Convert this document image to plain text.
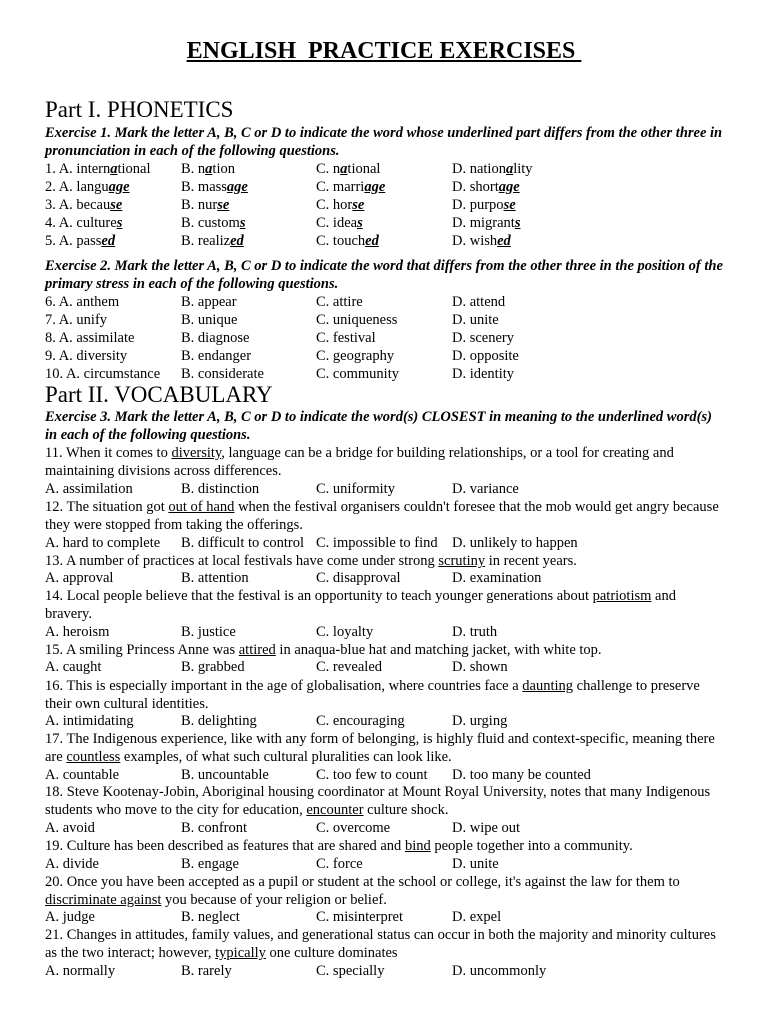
ENGLISH  PRACTICE EXERCISES
Part I. PHONETICS
Exercise 1. Mark the letter A, B, C or D to indicate the word whose underlined part differs from the other three in pronunciation in each of the following questions.
1. A. international B. nation	C. national	D. nationality
2. A. language	B. massage	C. marriage	D. shortage
3. A. because	B. nurse	C. horse	D. purpose
4. A. cultures	B. customs	C. ideas	D. migrants
5. A. passed	B. realized	C. touched	D. wished
Exercise 2. Mark the letter A, B, C or D to indicate the word that differs from the other three in the position of the primary stress in each of the following questions.
6. A. anthem	B. appear	C. attire	D. attend
7. A. unify	B. unique	C. uniqueness	D. unite
8. A. assimilate	B. diagnose	C. festival	D. scenery
9. A. diversity	B. endanger	C. geography	D. opposite
10. A. circumstance B. considerate	C. community	D. identity
Part II. VOCABULARY
Exercise 3. Mark the letter A, B, C or D to indicate the word(s) CLOSEST in meaning to the underlined word(s) in each of the following questions.
11. When it comes to diversity, language can be a bridge for building relationships, or a tool for creating and maintaining divisions across differences.
A. assimilation	B. distinction	C. uniformity	D. variance
12. The situation got out of hand when the festival organisers couldn't foresee that the mob would get angry because they were stopped from taking the offerings.
A. hard to complete B. difficult to control C. impossible to find D. unlikely to happen
13. A number of practices at local festivals have come under strong scrutiny in recent years.
A. approval	B. attention	C. disapproval	D. examination
14. Local people believe that the festival is an opportunity to teach younger generations about patriotism and bravery.
A. heroism	B. justice	C. loyalty	D. truth
15. A smiling Princess Anne was attired in anaqua-blue hat and matching jacket, with white top.
A. caught	B. grabbed	C. revealed	D. shown
16. This is especially important in the age of globalisation, where countries face a daunting challenge to preserve their own cultural identities.
A. intimidating	B. delighting	C. encouraging	D. urging
17. The Indigenous experience, like with any form of belonging, is highly fluid and context-specific, meaning there are countless examples, of what such cultural pluralities can look like.
A. countable	B. uncountable	C. too few to count D. too many be counted
18. Steve Kootenay-Jobin, Aboriginal housing coordinator at Mount Royal University, notes that many Indigenous students who move to the city for education, encounter culture shock.
A. avoid	B. confront	C. overcome	D. wipe out
19. Culture has been described as features that are shared and bind people together into a community.
A. divide	B. engage	C. force	D. unite
20. Once you have been accepted as a pupil or student at the school or college, it's against the law for them to discriminate against you because of your religion or belief.
A. judge	B. neglect	C. misinterpret	D. expel
21. Changes in attitudes, family values, and generational status can occur in both the majority and minority cultures as the two interact; however, typically one culture dominates
A. normally	B. rarely	C. specially	D. uncommonly
